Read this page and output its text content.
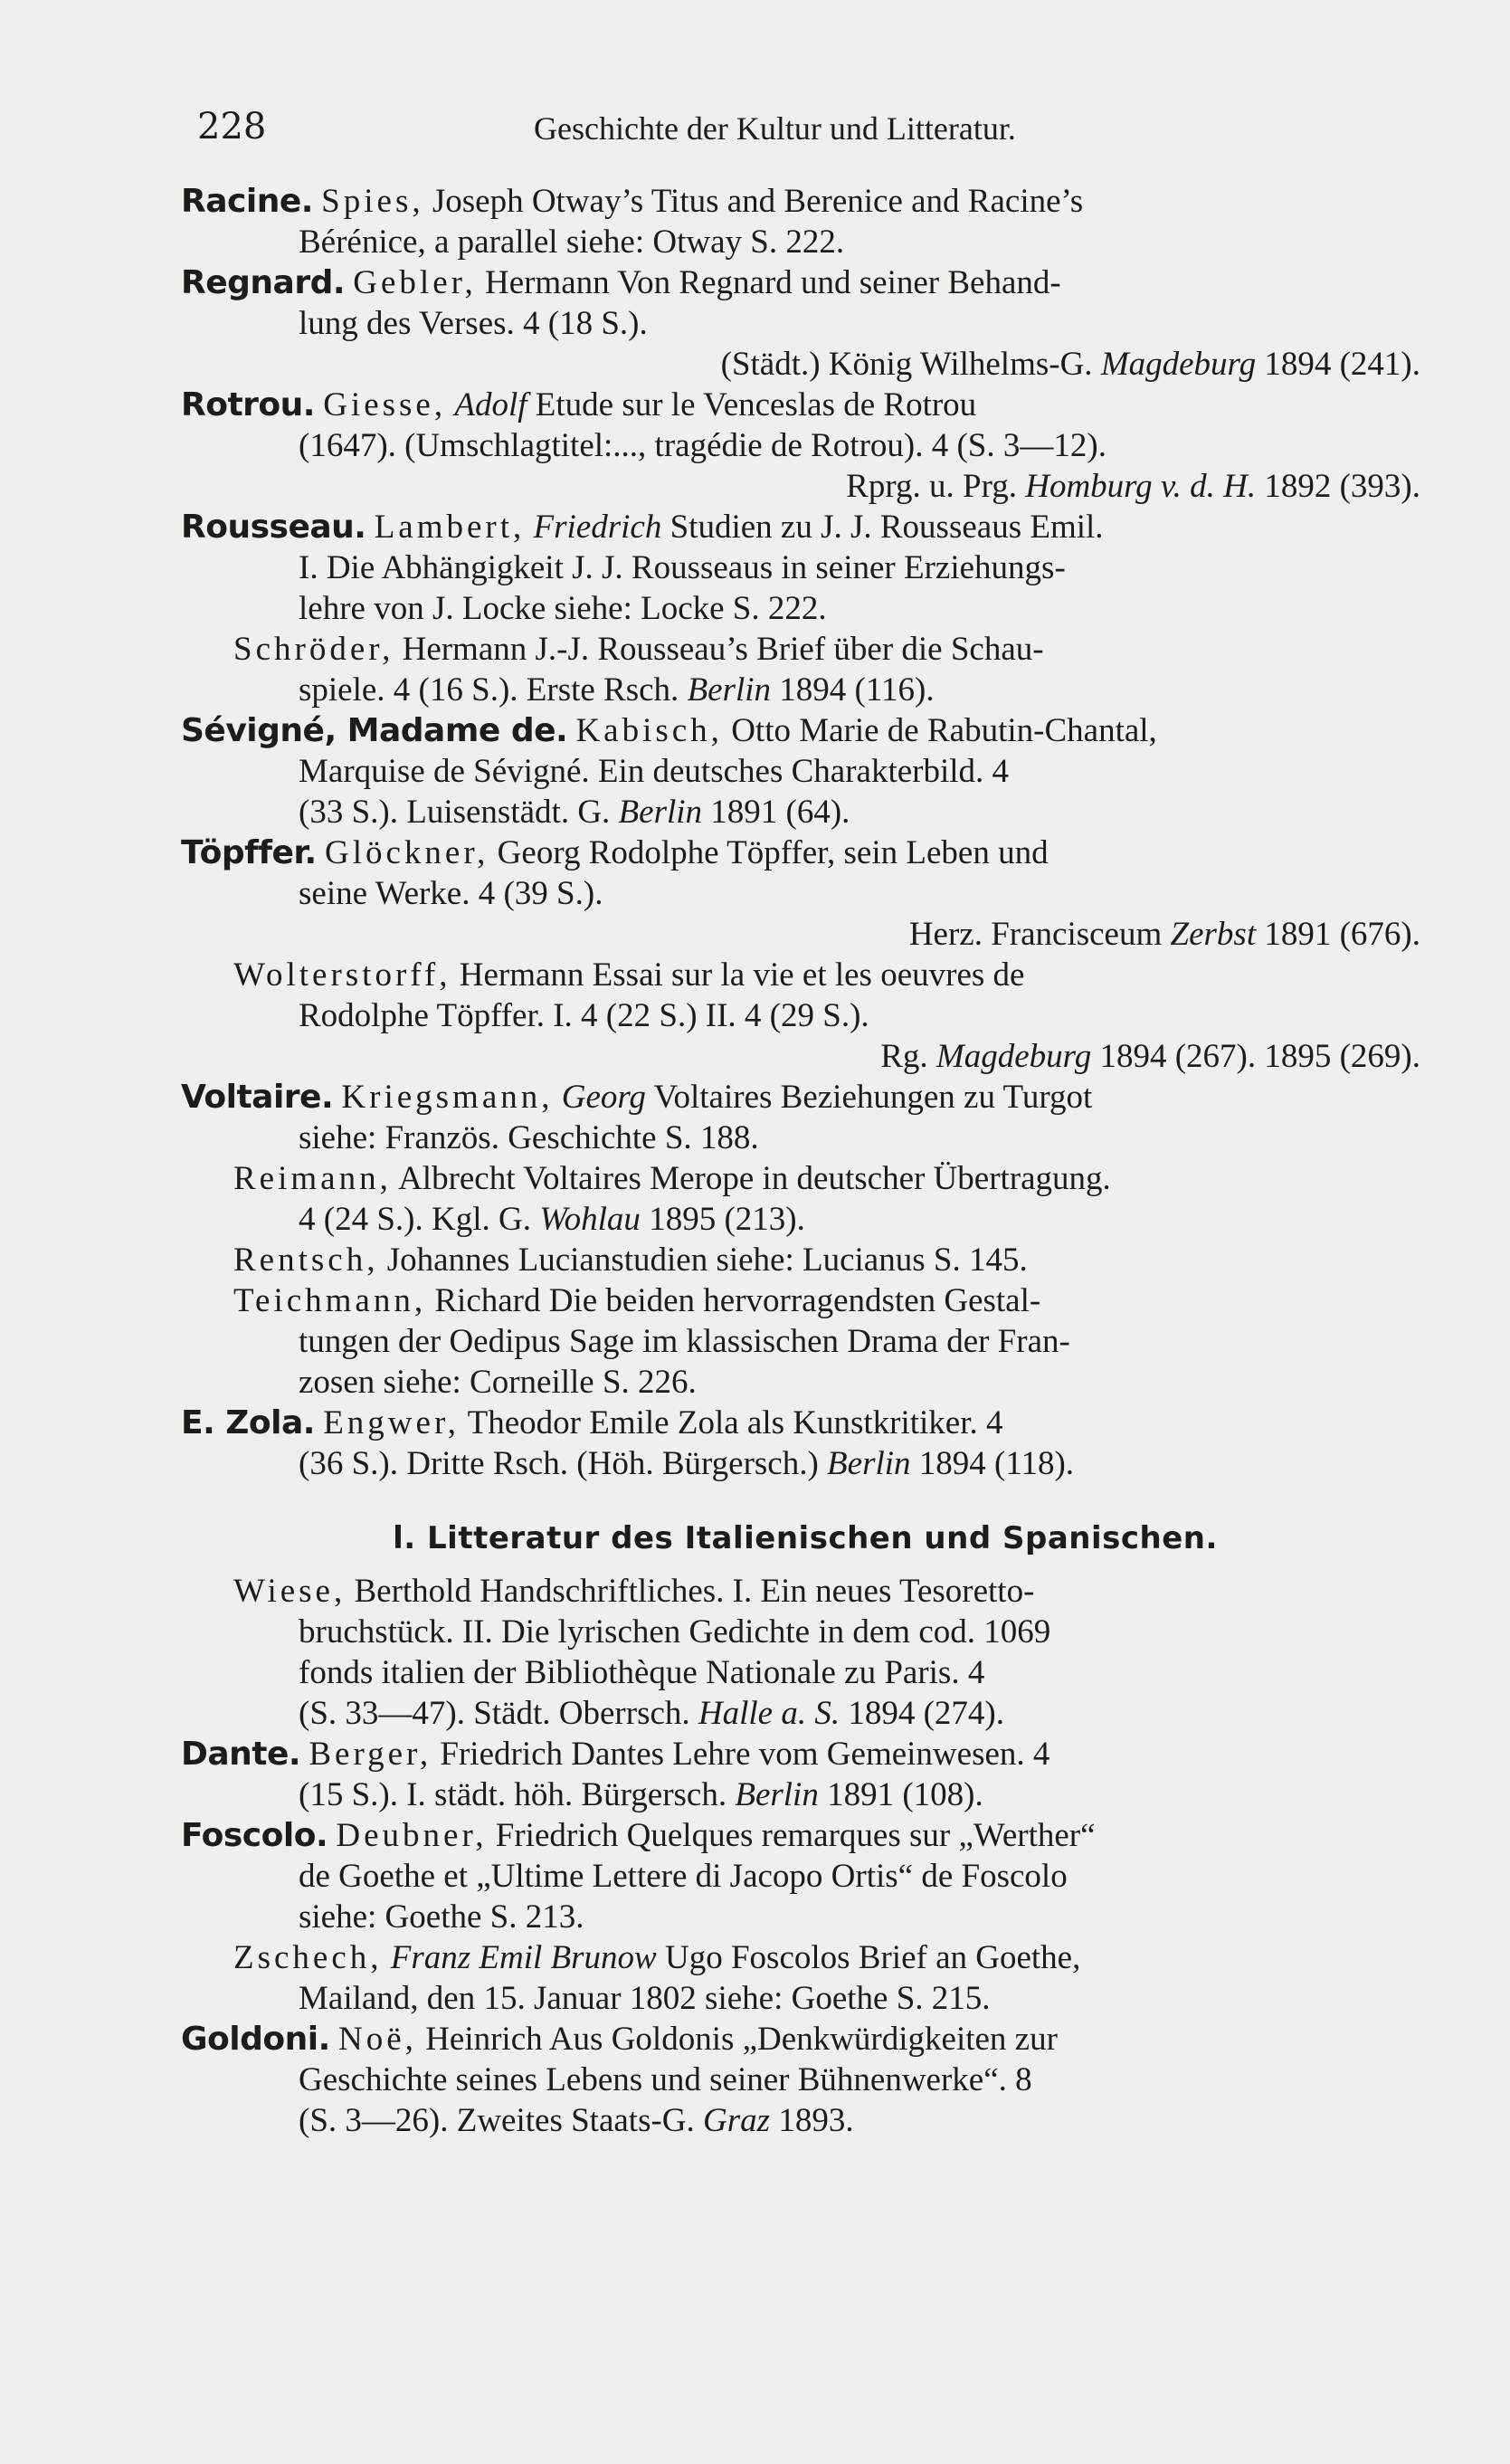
228	Geschichte der Kultur und Litteratur.
Racine. Spies, Joseph Otway’s Titus and Berenice and Racine’s
Bérénice, a parallel siehe: Otway S. 222.
Regnard. Gebler, Hermann Von Regnard und seiner Behand-
lung des Verses. 4 (18 S.).
(Städt.) König Wilhelms-G. Magdeburg 1894 (241).
Rotrou. Giesse, Adolf Etude sur le Venceslas de Rotrou
(1647). (Umschlagtitel:..., tragédie de Rotrou). 4 (S. 3—12).
Rprg. u. Prg. Homburg v. d. H. 1892 (393).
Rousseau. Lambert, Friedrich Studien zu J. J. Rousseaus Emil.
I. Die Abhängigkeit J. J. Rousseaus in seiner Erziehungs-
lehre von J. Locke siehe: Locke S. 222.
Schröder, Hermann J.-J. Rousseau’s Brief über die Schau-
spiele. 4 (16 S.). Erste Rsch. Berlin 1894 (116).
Sévigné, Madame de. Kabisch, Otto Marie de Rabutin-Chantal,
Marquise de Sévigné. Ein deutsches Charakterbild. 4
(33 S.). Luisenstädt. G. Berlin 1891 (64).
Töpffer. Glöckner, Georg Rodolphe Töpffer, sein Leben und
seine Werke. 4 (39 S.).
Herz. Francisceum Zerbst 1891 (676).
Wolterstorff, Hermann Essai sur la vie et les oeuvres de
Rodolphe Töpffer. I. 4 (22 S.) II. 4 (29 S.).
Rg. Magdeburg 1894 (267). 1895 (269).
Voltaire. Kriegsmann, Georg Voltaires Beziehungen zu Turgot
siehe: Französ. Geschichte S. 188.
Reimann, Albrecht Voltaires Merope in deutscher Übertragung.
4 (24 S.). Kgl. G. Wohlau 1895 (213).
Rentsch, Johannes Lucianstudien siehe: Lucianus S. 145.
Teichmann, Richard Die beiden hervorragendsten Gestal-
tungen der Oedipus Sage im klassischen Drama der Fran-
zosen siehe: Corneille S. 226.
E. Zola. Engwer, Theodor Emile Zola als Kunstkritiker. 4
(36 S.). Dritte Rsch. (Höh. Bürgersch.) Berlin 1894 (118).
l. Litteratur des Italienischen und Spanischen.
Wiese, Berthold Handschriftliches. I. Ein neues Tesoretto-
bruchstück. II. Die lyrischen Gedichte in dem cod. 1069
fonds italien der Bibliothèque Nationale zu Paris. 4
(S. 33—47). Städt. Oberrsch. Halle a. S. 1894 (274).
Dante. Berger, Friedrich Dantes Lehre vom Gemeinwesen. 4
(15 S.). I. städt. höh. Bürgersch. Berlin 1891 (108).
Foscolo. Deubner, Friedrich Quelques remarques sur „Werther“
de Goethe et „Ultime Lettere di Jacopo Ortis“ de Foscolo
siehe: Goethe S. 213.
Zschech, Franz Emil Brunow Ugo Foscolos Brief an Goethe,
Mailand, den 15. Januar 1802 siehe: Goethe S. 215.
Goldoni. Noë, Heinrich Aus Goldonis „Denkwürdigkeiten zur
Geschichte seines Lebens und seiner Bühnenwerke“. 8
(S. 3—26). Zweites Staats-G. Graz 1893.
